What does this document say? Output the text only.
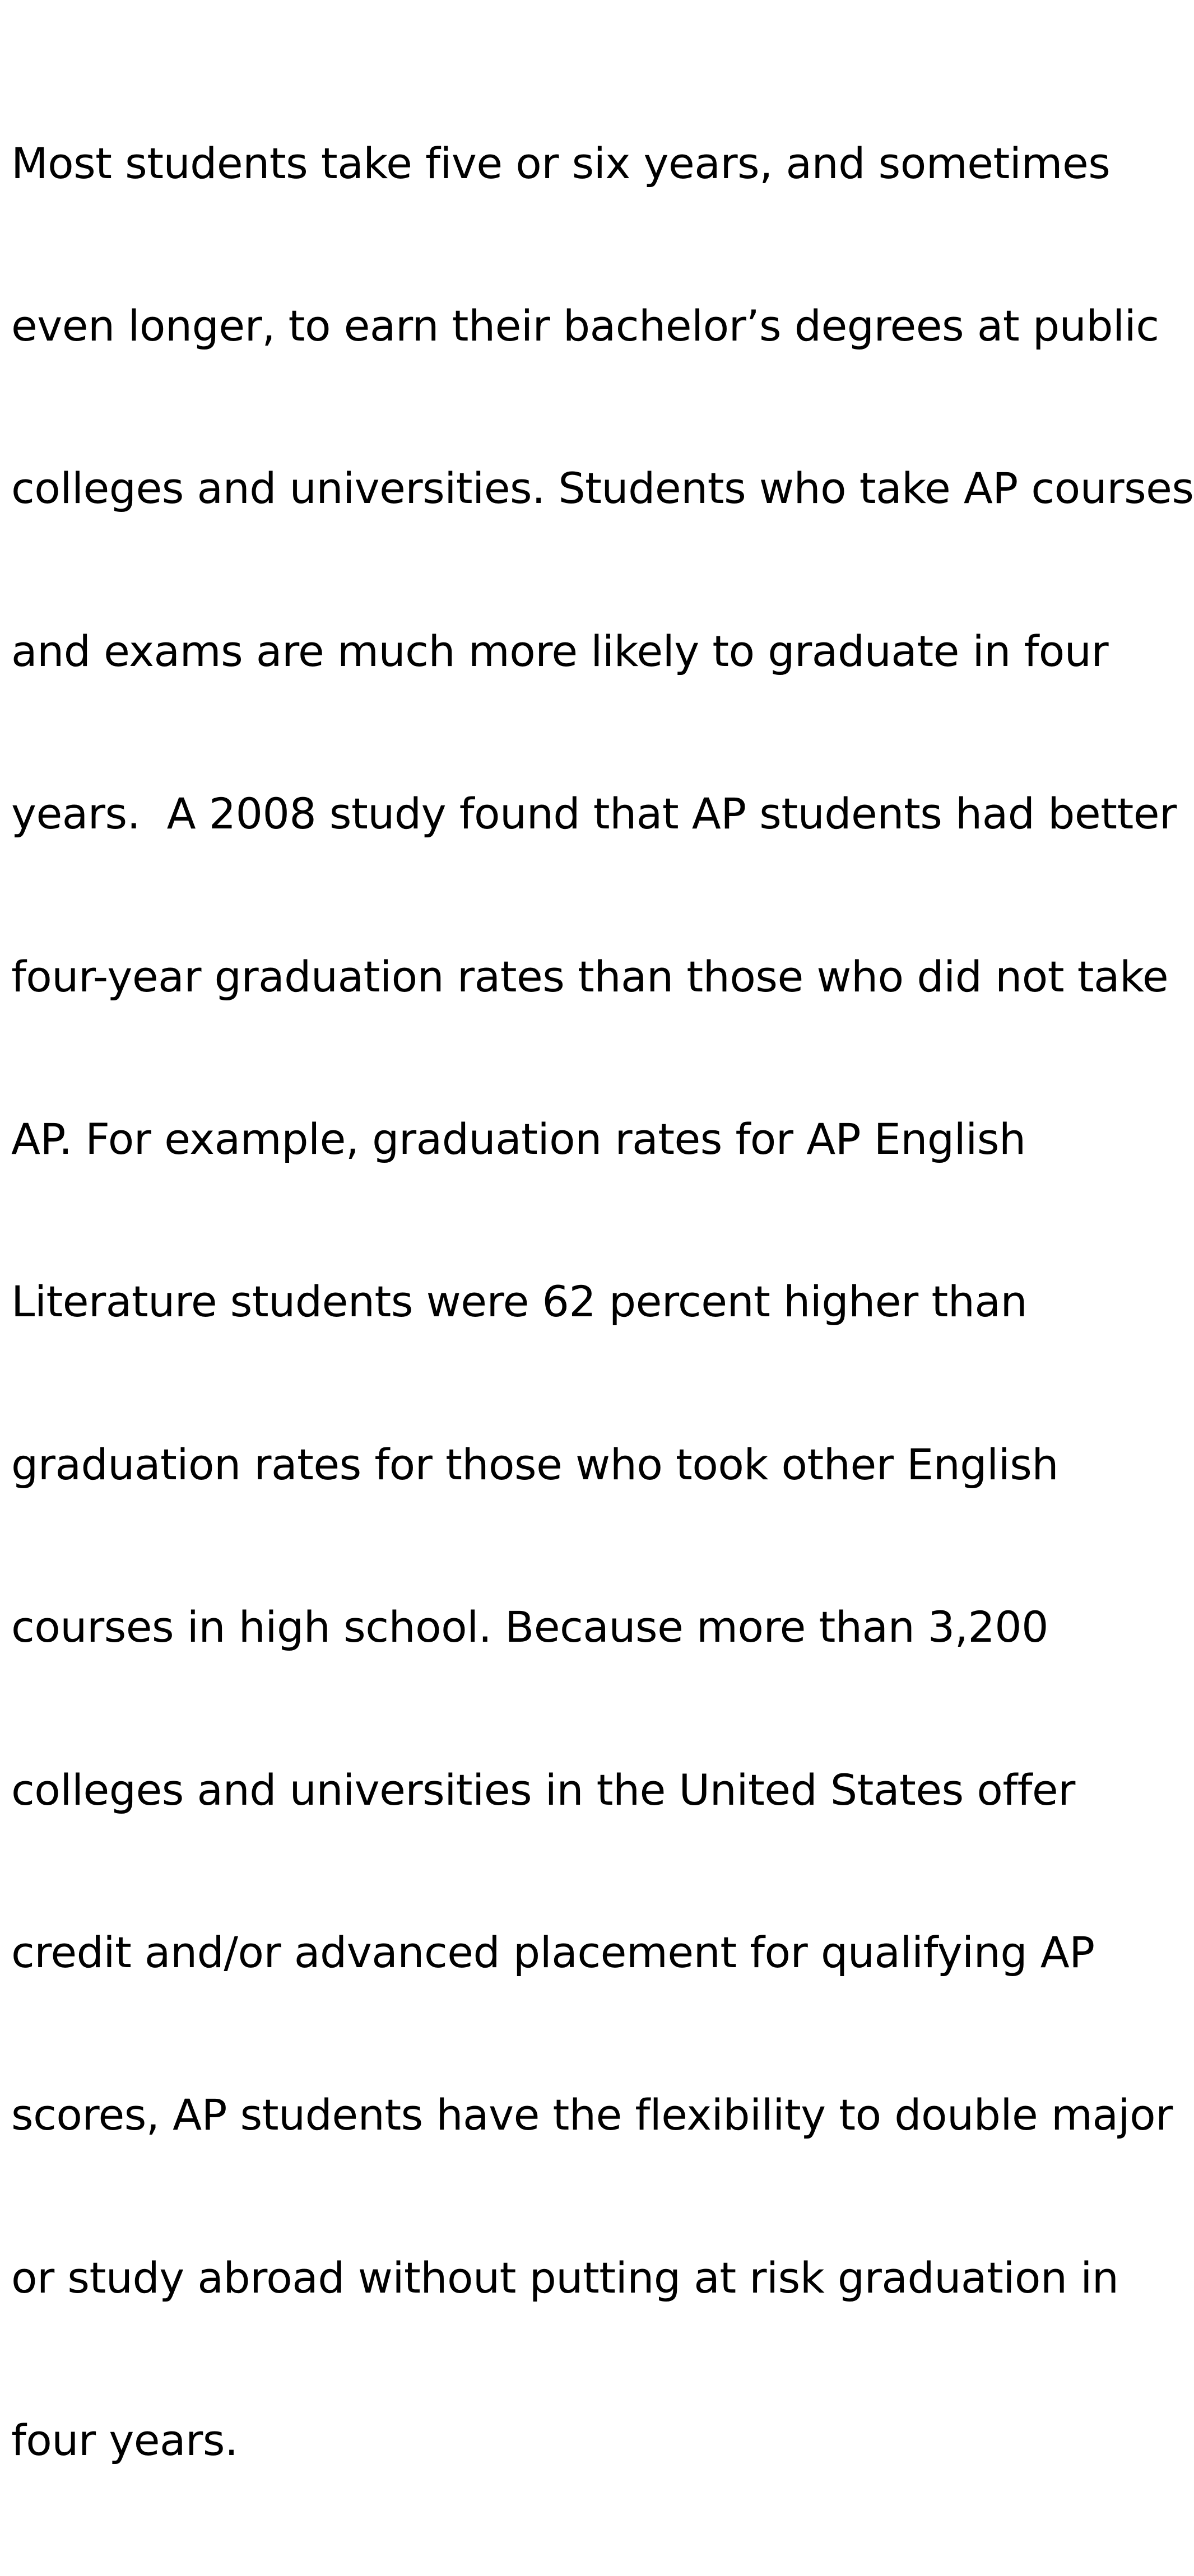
Most students take five or six years, and sometimes

even longer, to earn their bachelor’s degrees at public

colleges and universities. Students who take AP courses

and exams are much more likely to graduate in four

years.  A 2008 study found that AP students had better

four-year graduation rates than those who did not take

AP. For example, graduation rates for AP English

Literature students were 62 percent higher than

graduation rates for those who took other English

courses in high school. Because more than 3,200

colleges and universities in the United States offer

credit and/or advanced placement for qualifying AP

scores, AP students have the flexibility to double major

or study abroad without putting at risk graduation in

four years.
